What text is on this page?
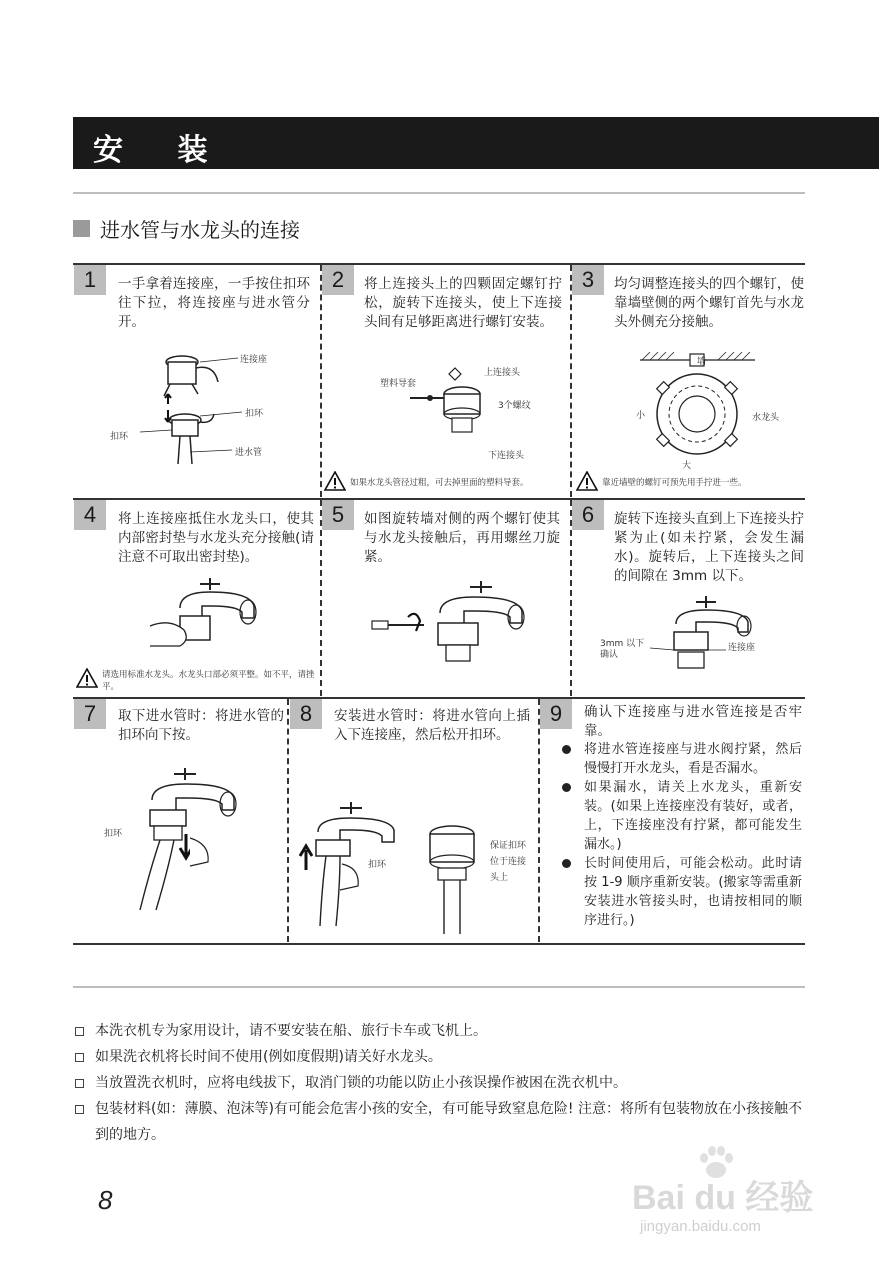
安 装
进水管与水龙头的连接
1	一手拿着连接座，一手按住扣环往下拉，将连接座与进水管分开。
连接座
扣环
扣环
进水管
2	将上连接头上的四颗固定螺钉拧松，旋转下连接头，使上下连接头间有足够距离进行螺钉安装。
上连接头
塑料导套
3个螺纹
下连接头
如果水龙头管径过粗，可去掉里面的塑料导套。
3	均匀调整连接头的四个螺钉，使靠墙壁侧的两个螺钉首先与水龙头外侧充分接触。
墙
水龙头
小
大
靠近墙壁的螺钉可预先用手拧进一些。
4	将上连接座抵住水龙头口，使其内部密封垫与水龙头充分接触(请注意不可取出密封垫)。
请选用标准水龙头。水龙头口部必须平整。如不平，请挫平。
5	如图旋转墙对侧的两个螺钉使其与水龙头接触后，再用螺丝刀旋紧。
6	旋转下连接头直到上下连接头拧紧为止(如未拧紧，会发生漏水)。旋转后，上下连接头之间的间隙在 3mm 以下。
3mm 以下
确认
连接座
7	取下进水管时：将进水管的扣环向下按。
扣环
8	安装进水管时：将进水管向上插入下连接座，然后松开扣环。
扣环
保证扣环
位于连接
头上
9	确认下连接座与进水管连接是否牢靠。
将进水管连接座与进水阀拧紧，然后慢慢打开水龙头，看是否漏水。
如果漏水，请关上水龙头，重新安装。(如果上连接座没有装好，或者，上，下连接座没有拧紧，都可能发生漏水。)
长时间使用后，可能会松动。此时请按 1-9 顺序重新安装。(搬家等需重新安装进水管接头时，也请按相同的顺序进行。)
本洗衣机专为家用设计，请不要安装在船、旅行卡车或飞机上。
如果洗衣机将长时间不使用(例如度假期)请关好水龙头。
当放置洗衣机时，应将电线拔下，取消门锁的功能以防止小孩误操作被困在洗衣机中。
包装材料(如：薄膜、泡沫等)有可能会危害小孩的安全，有可能导致窒息危险! 注意：将所有包装物放在小孩接触不到的地方。
8	Bai du 经验
jingyan.baidu.com
